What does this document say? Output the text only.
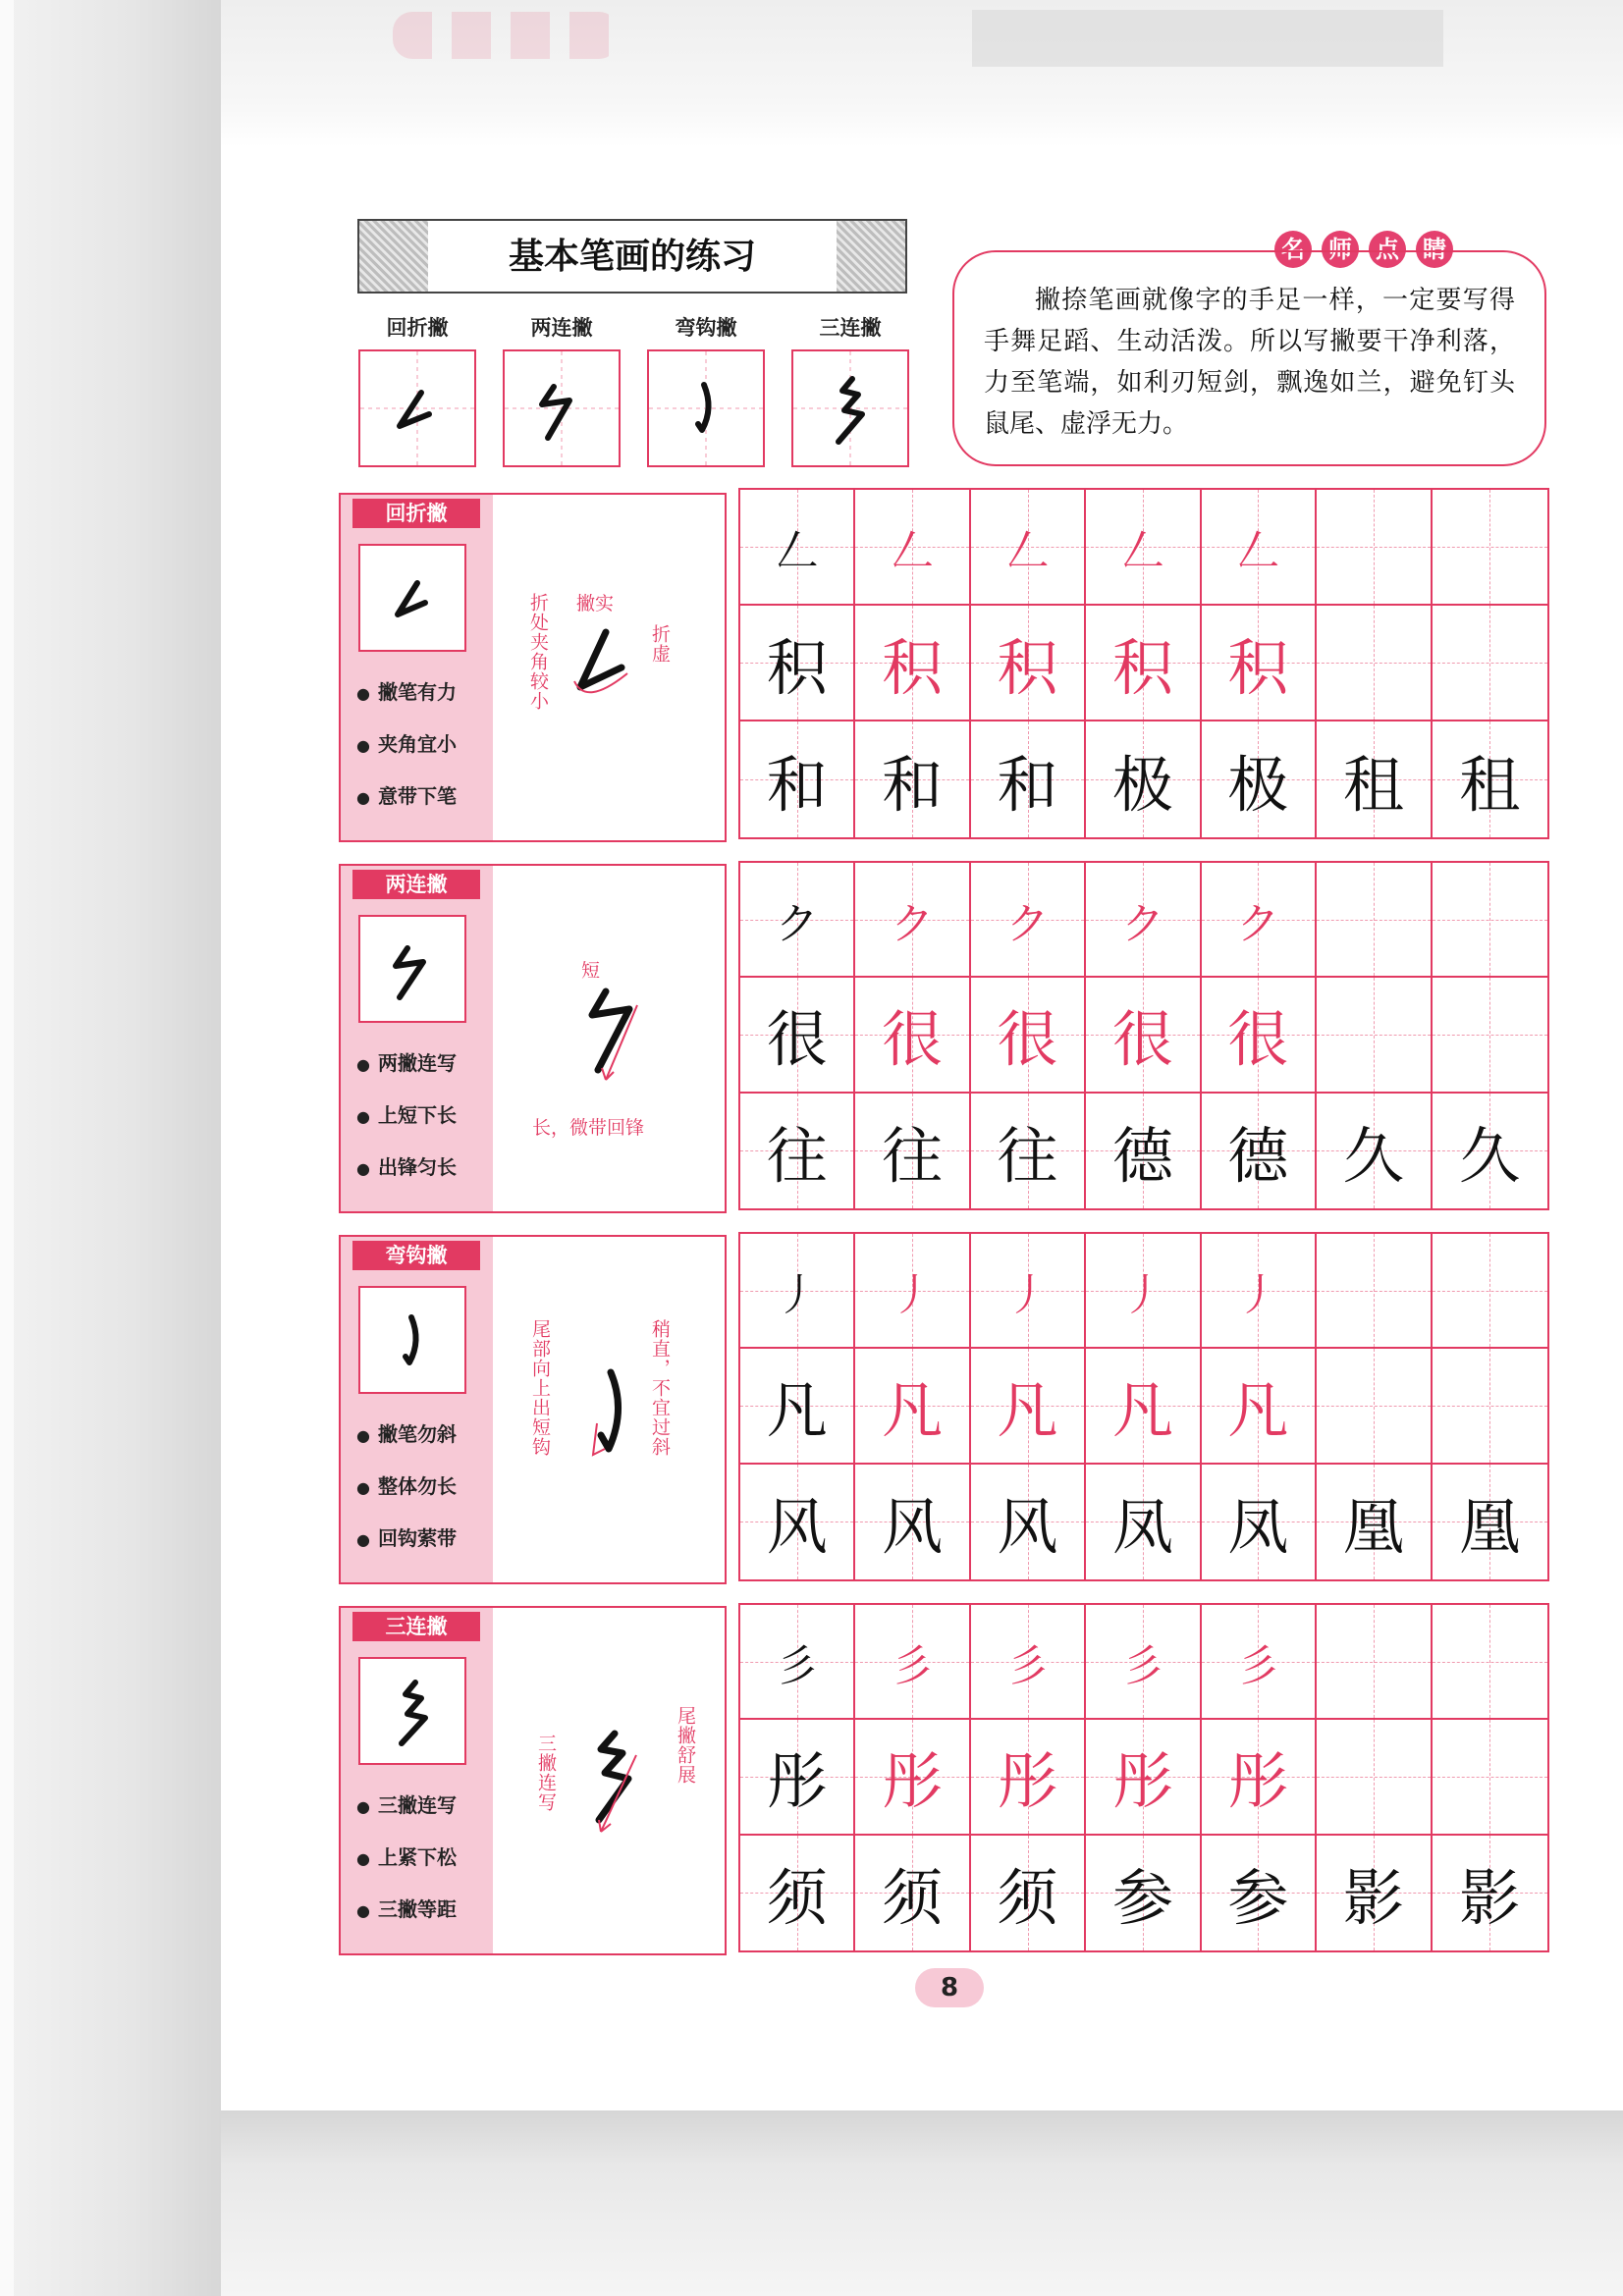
基本笔画的练习
回折撇	两连撇	弯钩撇	三连撇
名 师 点 睛
撇捺笔画就像字的手足一样，一定要写得手舞足蹈、生动活泼。所以写撇要干净利落，力至笔端，如利刃短剑，飘逸如兰，避免钉头鼠尾、虚浮无力。
回折撇
● 撇笔有力
● 夹角宜小
● 意带下笔
折处夹角较小 撇实
折虚
𠃋 𠃋 𠃋 𠃋 𠃋
积 积 积 积 积
和 和 和 极 极 租 租
两连撇
● 两撇连写
● 上短下长
● 出锋匀长
短
长，微带回锋
ク ク ク ク ク
很 很 很 很 很
往 往 往 德 德 久 久
弯钩撇
● 撇笔勿斜
● 整体勿长
● 回钩萦带
尾部向上出短钩	稍直，不宜过斜
丿 丿 丿 丿 丿
凡 凡 凡 凡 凡
风 风 风 凤 凤 凰 凰
三连撇
● 三撇连写
● 上紧下松
● 三撇等距
三撇连写	尾撇舒展
彡 彡 彡 彡 彡
彤 彤 彤 彤 彤
须 须 须 参 参 影 影
8
